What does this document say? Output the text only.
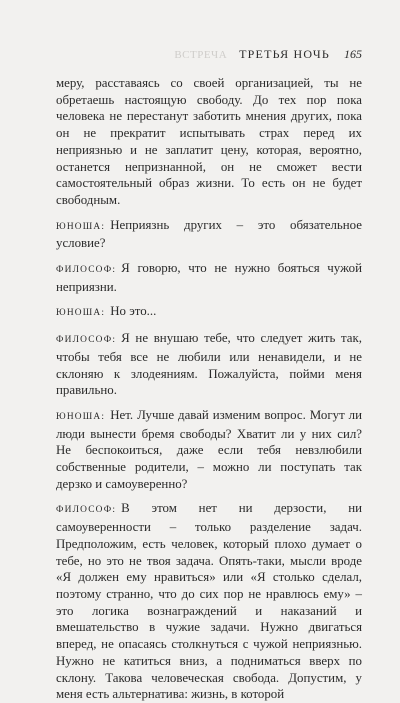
ВСТРЕЧА ТРЕТЬЯ НОЧЬ 165

меру, расставаясь со своей организацией, ты не обретаешь настоящую свободу. До тех пор пока человека не перестанут заботить мнения других, пока он не прекратит испытывать страх перед их неприязнью и не заплатит цену, которая, вероятно, останется непризнанной, он не сможет вести самостоятельный образ жизни. То есть он не будет свободным.

ЮНОША: Неприязнь других – это обязательное условие?

ФИЛОСОФ: Я говорю, что не нужно бояться чужой неприязни.

ЮНОША: Но это...

ФИЛОСОФ: Я не внушаю тебе, что следует жить так, чтобы тебя все не любили или ненавидели, и не склоняю к злодеяниям. Пожалуйста, пойми меня правильно.

ЮНОША: Нет. Лучше давай изменим вопрос. Могут ли люди вынести бремя свободы? Хватит ли у них сил? Не беспокоиться, даже если тебя невзлюбили собственные родители, – можно ли поступать так дерзко и самоуверенно?

ФИЛОСОФ: В этом нет ни дерзости, ни самоуверенности – только разделение задач. Предположим, есть человек, который плохо думает о тебе, но это не твоя задача. Опять-таки, мысли вроде «Я должен ему нравиться» или «Я столько сделал, поэтому странно, что до сих пор не нравлюсь ему» – это логика вознаграждений и наказаний и вмешательство в чужие задачи. Нужно двигаться вперед, не опасаясь столкнуться с чужой неприязнью. Нужно не катиться вниз, а подниматься вверх по склону. Такова человеческая свобода. Допустим, у меня есть альтернатива: жизнь, в которой
